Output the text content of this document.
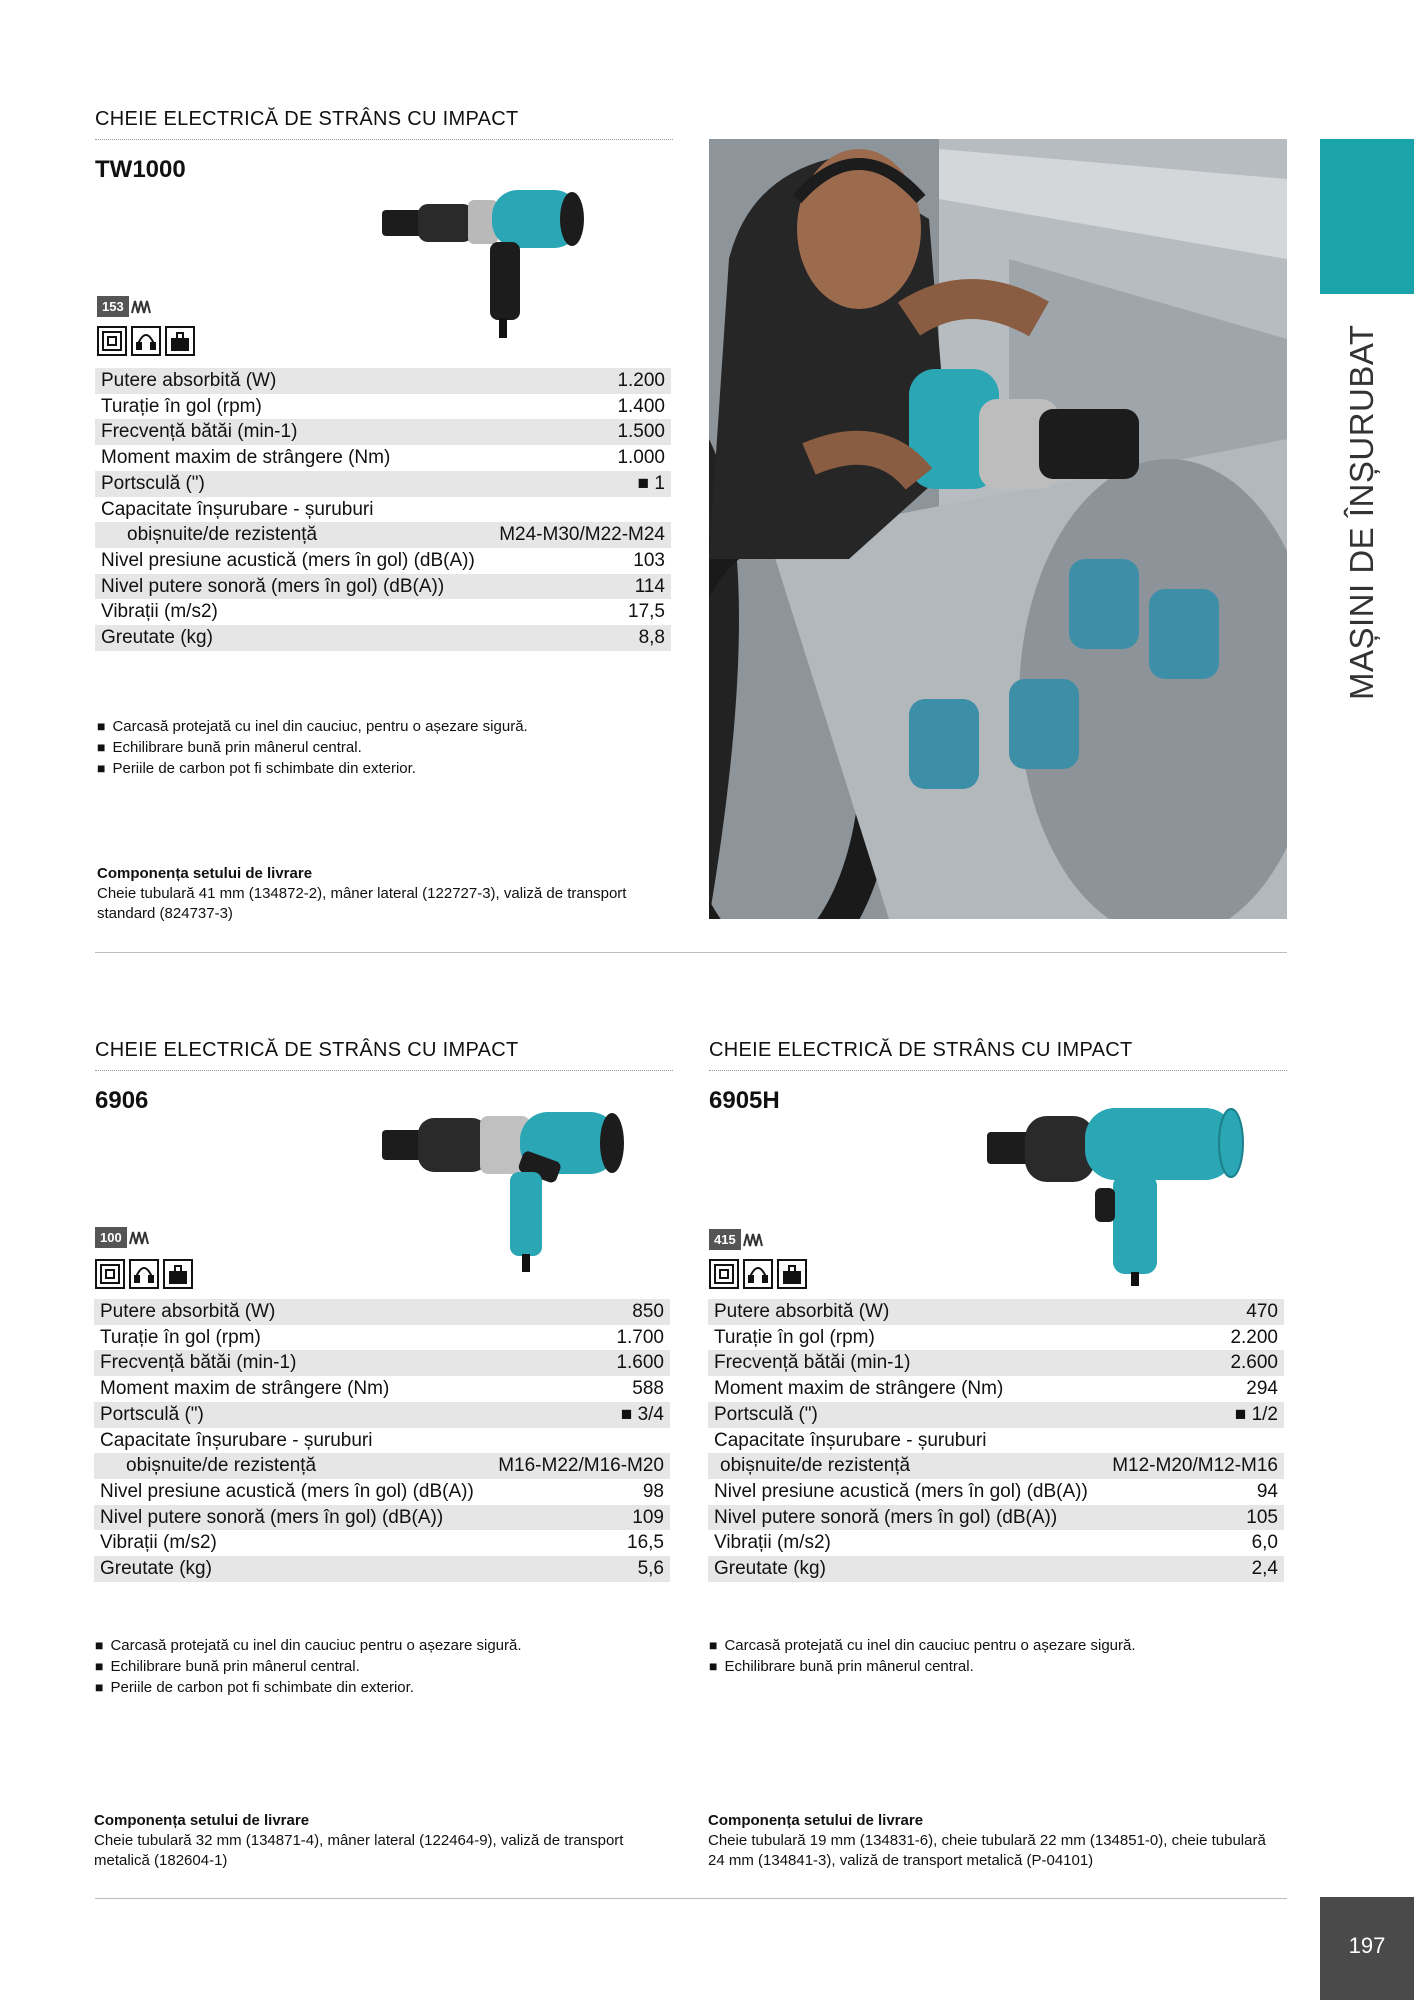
MAȘINI DE ÎNȘURUBAT
197
CHEIE ELECTRICĂ DE STRÂNS CU IMPACT
TW1000
153
Putere absorbită (W)	1.200
Turație în gol (rpm)	1.400
Frecvență bătăi (min-1)	1.500
Moment maxim de strângere (Nm)	1.000
Portsculă (")	■ 1
Capacitate înșurubare - șuruburi	
obișnuite/de rezistență	M24-M30/M22-M24
Nivel presiune acustică (mers în gol) (dB(A))	103
Nivel putere sonoră (mers în gol) (dB(A))	114
Vibrații (m/s2)	17,5
Greutate (kg)	8,8
■ Carcasă protejată cu inel din cauciuc, pentru o așezare sigură.
■ Echilibrare bună prin mânerul central.
■ Periile de carbon pot fi schimbate din exterior.
Componența setului de livrare
Cheie tubulară 41 mm (134872-2), mâner lateral (122727-3), valiză de transport standard (824737-3)
CHEIE ELECTRICĂ DE STRÂNS CU IMPACT
6906
100
Putere absorbită (W)	850
Turație în gol (rpm)	1.700
Frecvență bătăi (min-1)	1.600
Moment maxim de strângere (Nm)	588
Portsculă (")	■ 3/4
Capacitate înșurubare - șuruburi	
obișnuite/de rezistență	M16-M22/M16-M20
Nivel presiune acustică (mers în gol) (dB(A))	98
Nivel putere sonoră (mers în gol) (dB(A))	109
Vibrații (m/s2)	16,5
Greutate (kg)	5,6
■ Carcasă protejată cu inel din cauciuc pentru o așezare sigură.
■ Echilibrare bună prin mânerul central.
■ Periile de carbon pot fi schimbate din exterior.
Componența setului de livrare
Cheie tubulară 32 mm (134871-4), mâner lateral (122464-9), valiză de transport metalică (182604-1)
CHEIE ELECTRICĂ DE STRÂNS CU IMPACT
6905H
415
Putere absorbită (W)	470
Turație în gol (rpm)	2.200
Frecvență bătăi (min-1)	2.600
Moment maxim de strângere (Nm)	294
Portsculă (")	■ 1/2
Capacitate înșurubare - șuruburi	
obișnuite/de rezistență	M12-M20/M12-M16
Nivel presiune acustică (mers în gol) (dB(A))	94
Nivel putere sonoră (mers în gol) (dB(A))	105
Vibrații (m/s2)	6,0
Greutate (kg)	2,4
■ Carcasă protejată cu inel din cauciuc pentru o așezare sigură.
■ Echilibrare bună prin mânerul central.
Componența setului de livrare
Cheie tubulară 19 mm (134831-6), cheie tubulară 22 mm (134851-0), cheie tubulară 24 mm (134841-3), valiză de transport metalică (P-04101)
